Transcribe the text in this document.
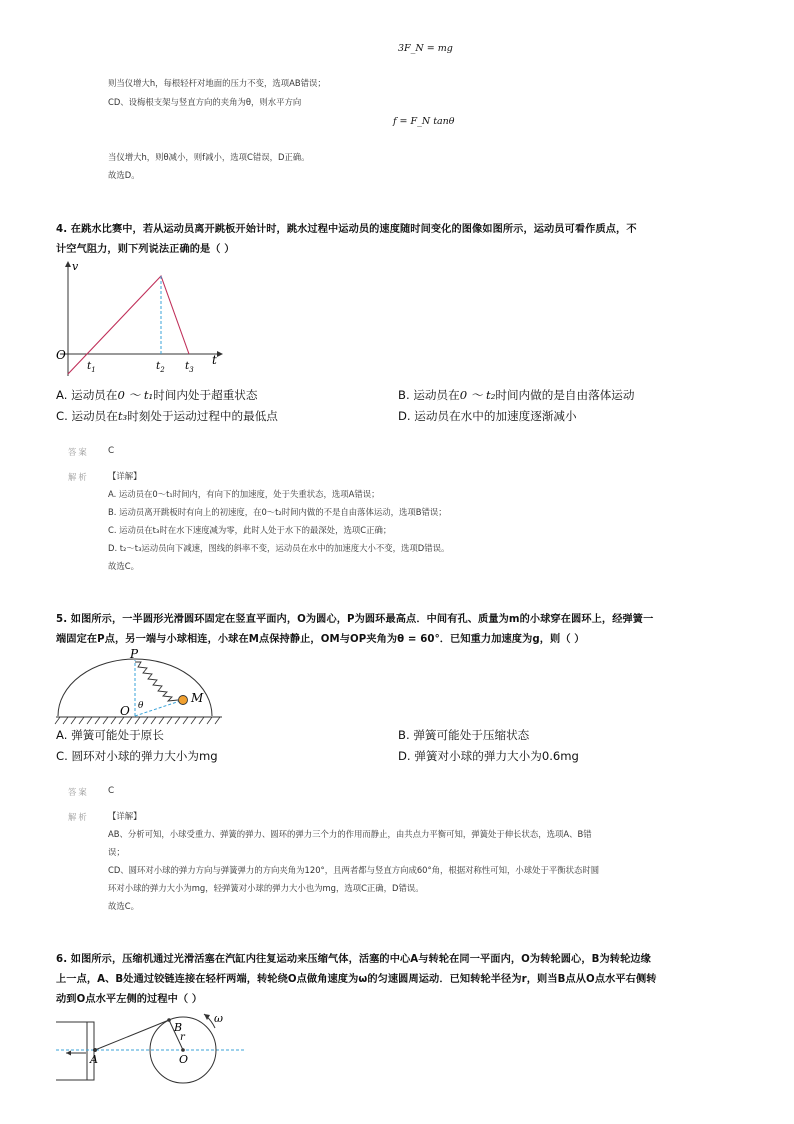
3F_N = mg
则当仪增大h，每根轻杆对地面的压力不变，选项AB错误；
CD、设梅根支架与竖直方向的夹角为θ，则水平方向
f = F_N tanθ
当仪增大h，则θ减小，则f减小，选项C错误，D正确。
故选D。
4. 在跳水比赛中，若从运动员离开跳板开始计时，跳水过程中运动员的速度随时间变化的图像如图所示，运动员可看作质点，不
计空气阻力，则下列说法正确的是（ ）
v
t
O
$t_1$	$t_2$ $t_3$
A. 运动员在0 ～ t₁时间内处于超重状态	B. 运动员在0 ～ t₂时间内做的是自由落体运动
C. 运动员在t₃时刻处于运动过程中的最低点	D. 运动员在水中的加速度逐渐减小
答案 C
解析 【详解】
A. 运动员在0～t₁时间内，有向下的加速度，处于失重状态，选项A错误；
B. 运动员离开跳板时有向上的初速度，在0～t₂时间内做的不是自由落体运动，选项B错误；
C. 运动员在t₃时在水下速度减为零，此时人处于水下的最深处，选项C正确；
D. t₂～t₃运动员向下减速，图线的斜率不变，运动员在水中的加速度大小不变，选项D错误。
故选C。
5. 如图所示，一半圆形光滑圆环固定在竖直平面内，O为圆心，P为圆环最高点．中间有孔、质量为m的小球穿在圆环上，经弹簧一
端固定在P点，另一端与小球相连，小球在M点保持静止，OM与OP夹角为θ = 60°．已知重力加速度为g，则（ ）
P
O
M
θ
A. 弹簧可能处于原长	B. 弹簧可能处于压缩状态
C. 圆环对小球的弹力大小为mg	D. 弹簧对小球的弹力大小为0.6mg
答案 C
解析 【详解】
AB、分析可知，小球受重力、弹簧的弹力、圆环的弹力三个力的作用而静止，由共点力平衡可知，弹簧处于伸长状态，选项A、B错
误；
CD、圆环对小球的弹力方向与弹簧弹力的方向夹角为120°，且两者都与竖直方向成60°角，根据对称性可知，小球处于平衡状态时圆
环对小球的弹力大小为mg，轻弹簧对小球的弹力大小也为mg，选项C正确，D错误。
故选C。
6. 如图所示，压缩机通过光滑活塞在汽缸内往复运动来压缩气体，活塞的中心A与转轮在同一平面内，O为转轮圆心，B为转轮边缘
上一点，A、B处通过铰链连接在轻杆两端，转轮绕O点做角速度为ω的匀速圆周运动．已知转轮半径为r，则当B点从O点水平右侧转
动到O点水平左侧的过程中（ ）
A
B
O
r
ω
